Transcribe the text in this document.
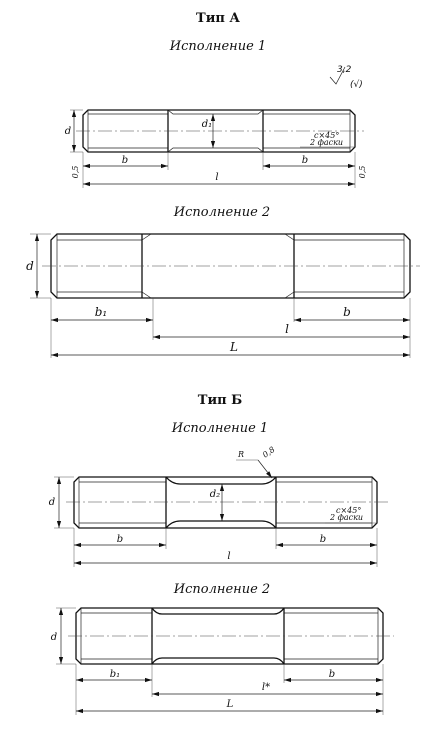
Тип А
Исполнение 1
3,2
(√)
d
d₁
c×45°
2 фаски
b	b
l
0,5	0,5
Исполнение 2
d
b₁	b
l
L
Тип Б
Исполнение 1
R 0,8
d
d₂
c×45°
2 фаски
b	b
l
Исполнение 2
d
b₁	b
l*
L
